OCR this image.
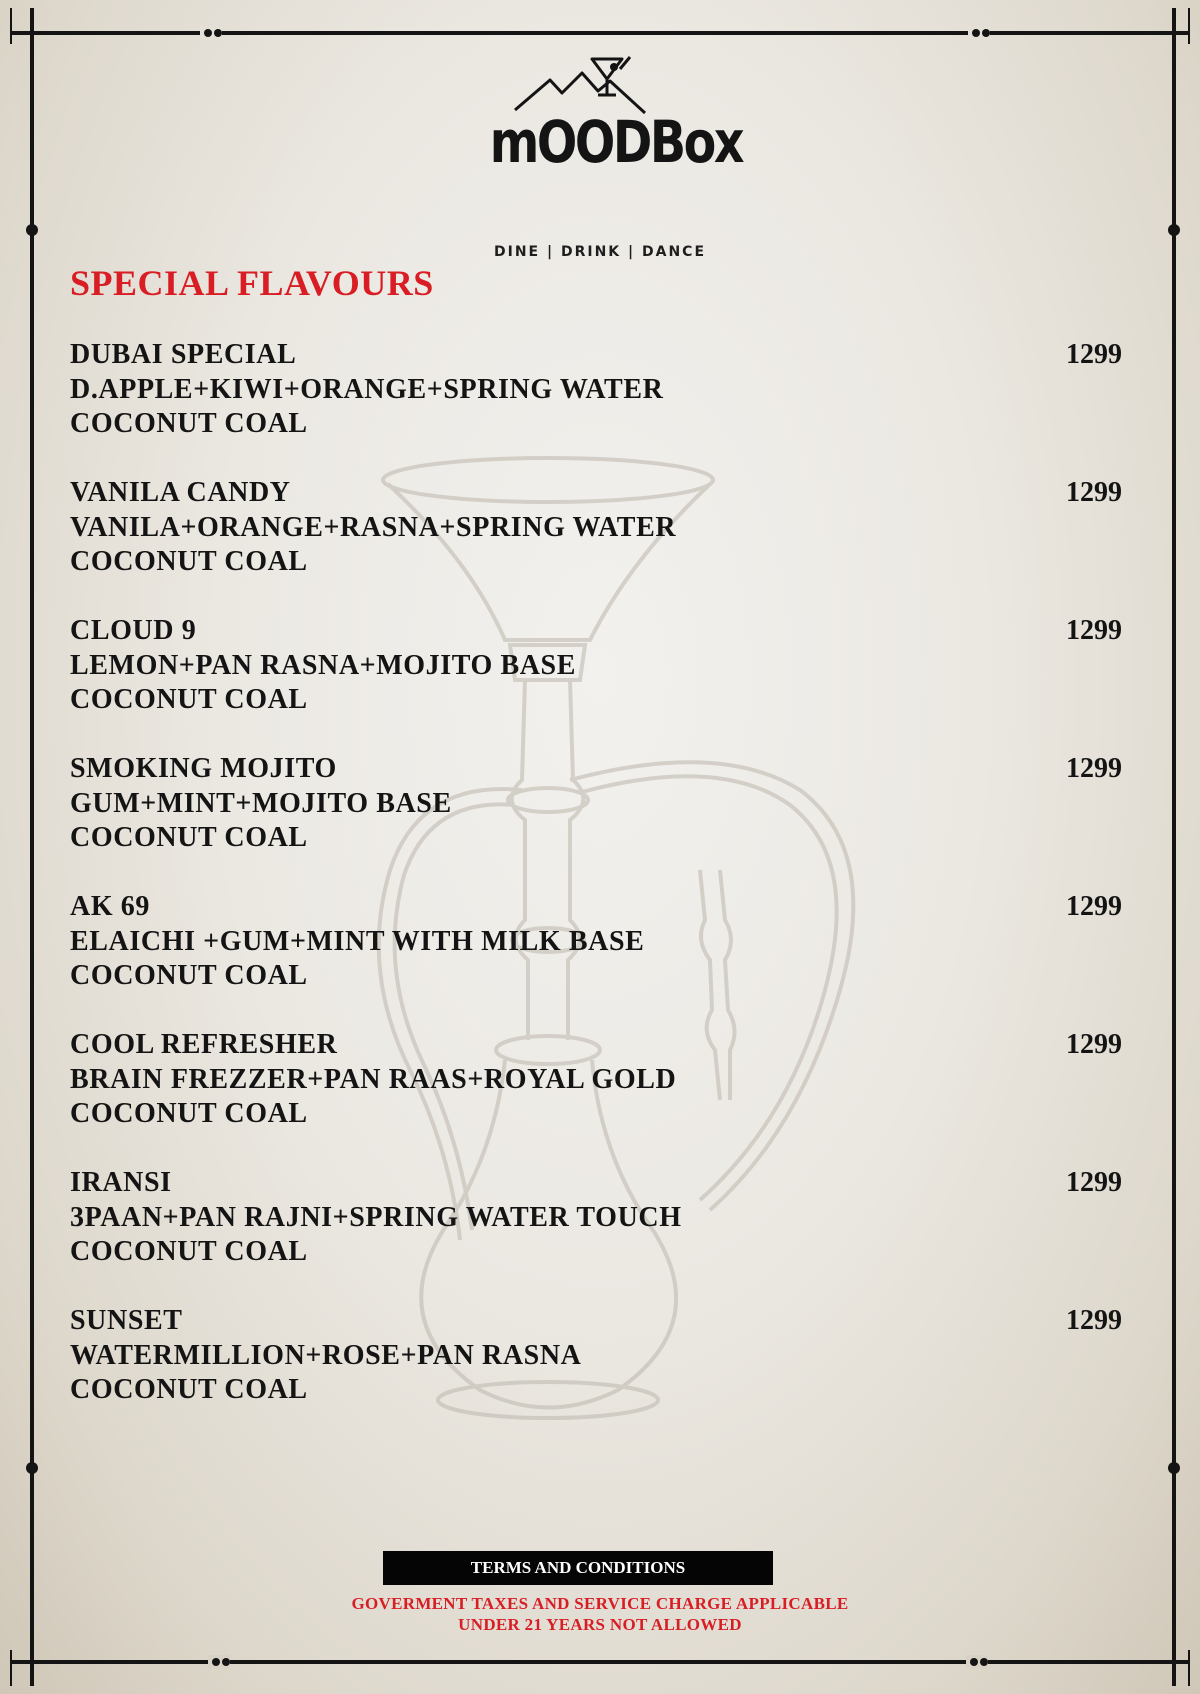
mOODBox
DINE | DRINK | DANCE
SPECIAL FLAVOURS
DUBAI SPECIAL
D.APPLE+KIWI+ORANGE+SPRING WATER
COCONUT COAL
1299
VANILA CANDY
VANILA+ORANGE+RASNA+SPRING WATER
COCONUT COAL
1299
CLOUD 9
LEMON+PAN RASNA+MOJITO BASE
COCONUT COAL
1299
SMOKING MOJITO
GUM+MINT+MOJITO BASE
COCONUT COAL
1299
AK 69
ELAICHI +GUM+MINT WITH MILK BASE
COCONUT COAL
1299
COOL REFRESHER
BRAIN FREZZER+PAN RAAS+ROYAL GOLD
COCONUT COAL
1299
IRANSI
3PAAN+PAN RAJNI+SPRING WATER TOUCH
COCONUT COAL
1299
SUNSET
WATERMILLION+ROSE+PAN RASNA
COCONUT COAL
1299
TERMS AND CONDITIONS
GOVERMENT TAXES AND SERVICE CHARGE APPLICABLE
UNDER 21 YEARS NOT ALLOWED
